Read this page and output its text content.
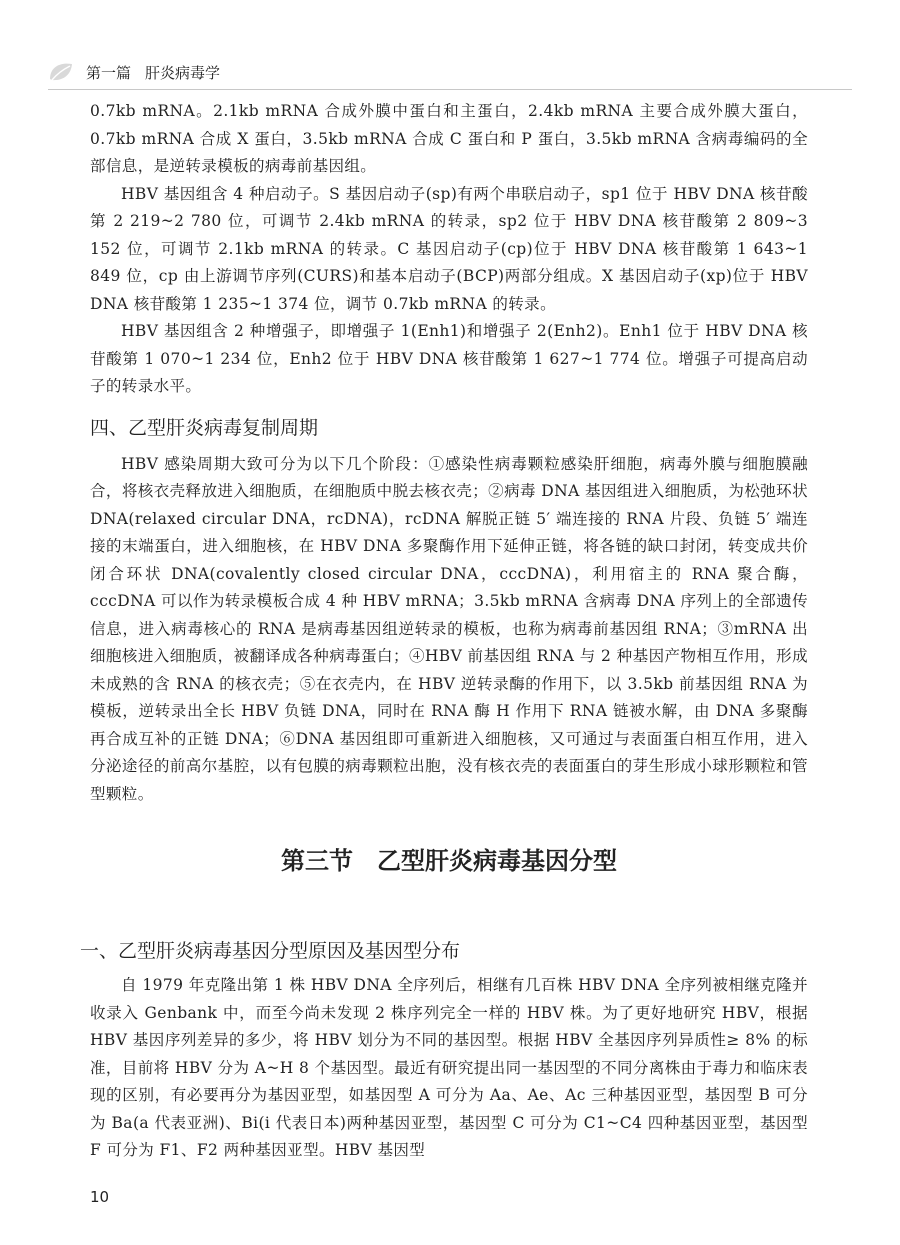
第一篇 肝炎病毒学

0.7kb mRNA。2.1kb mRNA 合成外膜中蛋白和主蛋白，2.4kb mRNA 主要合成外膜大蛋白，0.7kb mRNA 合成 X 蛋白，3.5kb mRNA 合成 C 蛋白和 P 蛋白，3.5kb mRNA 含病毒编码的全部信息，是逆转录模板的病毒前基因组。

HBV 基因组含 4 种启动子。S 基因启动子(sp)有两个串联启动子，sp1 位于 HBV DNA 核苷酸第 2 219~2 780 位，可调节 2.4kb mRNA 的转录，sp2 位于 HBV DNA 核苷酸第 2 809~3 152 位，可调节 2.1kb mRNA 的转录。C 基因启动子(cp)位于 HBV DNA 核苷酸第 1 643~1 849 位，cp 由上游调节序列(CURS)和基本启动子(BCP)两部分组成。X 基因启动子(xp)位于 HBV DNA 核苷酸第 1 235~1 374 位，调节 0.7kb mRNA 的转录。

HBV 基因组含 2 种增强子，即增强子 1(Enh1)和增强子 2(Enh2)。Enh1 位于 HBV DNA 核苷酸第 1 070~1 234 位，Enh2 位于 HBV DNA 核苷酸第 1 627~1 774 位。增强子可提高启动子的转录水平。

四、乙型肝炎病毒复制周期

HBV 感染周期大致可分为以下几个阶段：①感染性病毒颗粒感染肝细胞，病毒外膜与细胞膜融合，将核衣壳释放进入细胞质，在细胞质中脱去核衣壳；②病毒 DNA 基因组进入细胞质，为松弛环状 DNA(relaxed circular DNA，rcDNA)，rcDNA 解脱正链 5′ 端连接的 RNA 片段、负链 5′ 端连接的末端蛋白，进入细胞核，在 HBV DNA 多聚酶作用下延伸正链，将各链的缺口封闭，转变成共价闭合环状 DNA(covalently closed circular DNA，cccDNA)，利用宿主的 RNA 聚合酶，cccDNA 可以作为转录模板合成 4 种 HBV mRNA；3.5kb mRNA 含病毒 DNA 序列上的全部遗传信息，进入病毒核心的 RNA 是病毒基因组逆转录的模板，也称为病毒前基因组 RNA；③mRNA 出细胞核进入细胞质，被翻译成各种病毒蛋白；④HBV 前基因组 RNA 与 2 种基因产物相互作用，形成未成熟的含 RNA 的核衣壳；⑤在衣壳内，在 HBV 逆转录酶的作用下，以 3.5kb 前基因组 RNA 为模板，逆转录出全长 HBV 负链 DNA，同时在 RNA 酶 H 作用下 RNA 链被水解，由 DNA 多聚酶再合成互补的正链 DNA；⑥DNA 基因组即可重新进入细胞核，又可通过与表面蛋白相互作用，进入分泌途径的前高尔基腔，以有包膜的病毒颗粒出胞，没有核衣壳的表面蛋白的芽生形成小球形颗粒和管型颗粒。

第三节　乙型肝炎病毒基因分型
一、乙型肝炎病毒基因分型原因及基因型分布

自 1979 年克隆出第 1 株 HBV DNA 全序列后，相继有几百株 HBV DNA 全序列被相继克隆并收录入 Genbank 中，而至今尚未发现 2 株序列完全一样的 HBV 株。为了更好地研究 HBV，根据 HBV 基因序列差异的多少，将 HBV 划分为不同的基因型。根据 HBV 全基因序列异质性≥ 8% 的标准，目前将 HBV 分为 A~H 8 个基因型。最近有研究提出同一基因型的不同分离株由于毒力和临床表现的区别，有必要再分为基因亚型，如基因型 A 可分为 Aa、Ae、Ac 三种基因亚型，基因型 B 可分为 Ba(a 代表亚洲)、Bi(i 代表日本)两种基因亚型，基因型 C 可分为 C1~C4 四种基因亚型，基因型 F 可分为 F1、F2 两种基因亚型。HBV 基因型

10
